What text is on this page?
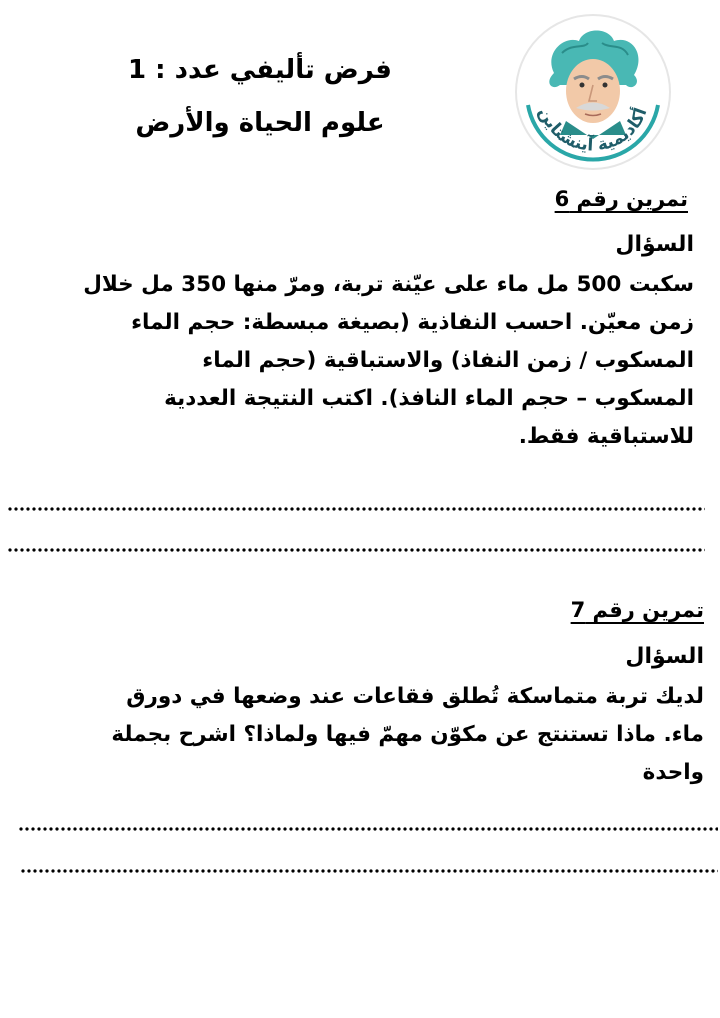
فرض تأليفي عدد : 1
علوم الحياة والأرض	أكاديمية آينشتاين
تمرين رقم 6
السؤال
سكبت 500 مل ماء على عيّنة تربة، ومرّ منها 350 مل خلال
زمن معيّن. احسب النفاذية (بصيغة مبسطة: حجم الماء
المسكوب / زمن النفاذ) والاستباقية (حجم الماء
المسكوب – حجم الماء النافذ). اكتب النتيجة العددية
للاستباقية فقط.
تمرين رقم 7
السؤال
لديك تربة متماسكة تُطلق فقاعات عند وضعها في دورق
ماء. ماذا تستنتج عن مكوّن مهمّ فيها ولماذا؟ اشرح بجملة
واحدة
